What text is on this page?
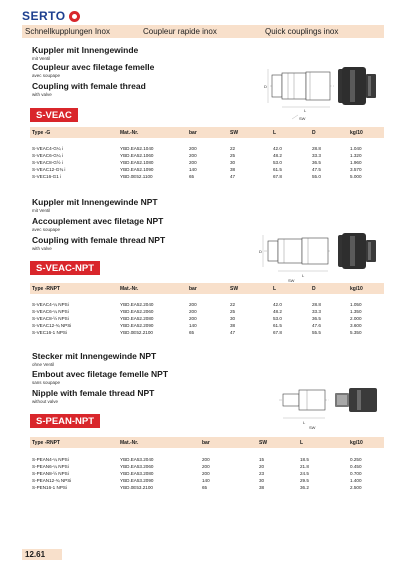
SERTO
Schnellkupplungen Inox	Coupleur rapide inox	Quick couplings inox
Kuppler mit Innengewinde
mit Ventil
Coupleur avec filetage femelle
avec soupape
Coupling with female thread
with valve
S-VEAC
D
L
SW
Type -G	Mat.-Nr.	bar	SW	L	D	kg/10
S-VEAC4-G¼ i	YBD.EA52.1040	200	22	42.0	28.8	1.040
S-VEAC6-G¼ i	YBD.EA52.1060	200	25	48.2	33.3	1.320
S-VEAC8-G½ i	YBD.EA52.1080	200	30	53.0	36.5	1.960
S-VEAC12-G¾ i	YBD.EA52.1090	140	38	61.5	47.5	3.570
S-VEC16-G1 i	YBD.0E52.1100	65	47	67.8	55.0	5.000
Kuppler mit Innengewinde NPT
mit Ventil
Accouplement avec filetage NPT
avec soupape
Coupling with female thread NPT
with valve
S-VEAC-NPT
D
L
SW
Type -RNPT	Mat.-Nr.	bar	SW	L	D	kg/10
S-VEAC4-¼ NPSi	YBD.EA52.2040	200	22	42.0	28.8	1.050
S-VEAC6-¼ NPSi	YBD.EA52.2060	200	25	48.2	33.3	1.350
S-VEAC8-½ NPSi	YBD.EA52.2080	200	30	53.0	36.5	2.000
S-VEAC12-¾ NPSi	YBD.EA52.2090	140	38	61.5	47.6	3.600
S-VEC16-1 NPSi	YBD.0E52.2100	65	47	67.8	55.5	5.350
Stecker mit Innengewinde NPT
ohne Ventil
Embout avec filetage femelle NPT
sans soupape
Nipple with female thread NPT
without valve
S-PEAN-NPT	L
SW
Type -RNPT	Mat.-Nr.	bar	SW	L	kg/10
S-PEAN4-¼ NPSi	YBD.EA53.2040	200	15	18.5	0.250
S-PEAN6-¼ NPSi	YBD.EA53.2060	200	20	21.8	0.450
S-PEAN8-½ NPSi	YBD.EA53.2080	200	23	24.5	0.700
S-PEAN12-¾ NPSi	YBD.EA53.2090	140	30	29.5	1.400
S-PEN16-1 NPSi	YBD.0E53.2100	65	38	36.2	2.500
12.61
